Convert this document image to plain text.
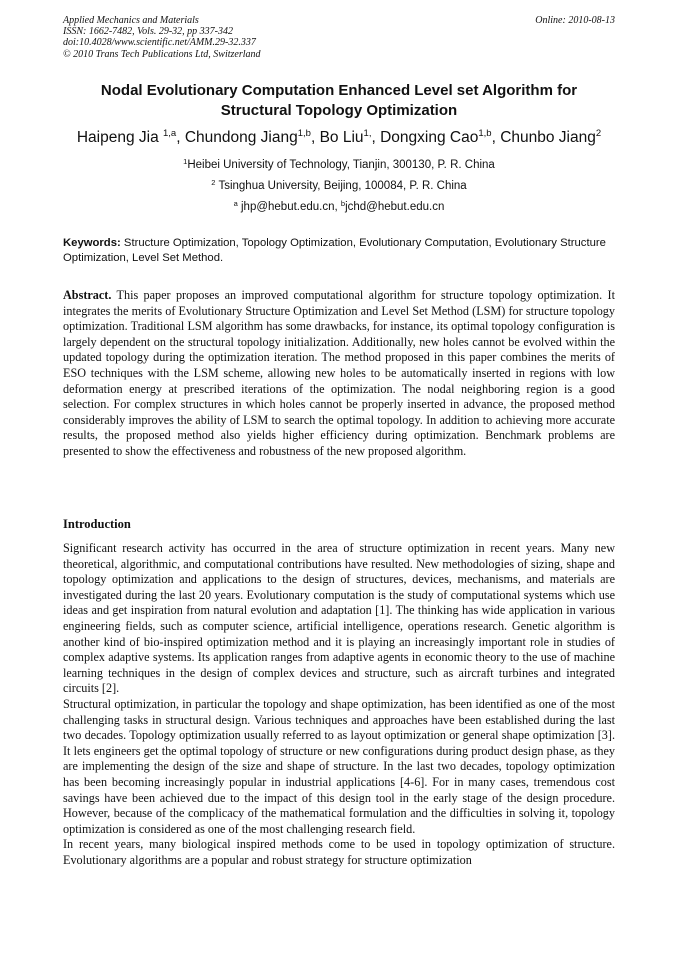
Applied Mechanics and Materials
ISSN: 1662-7482, Vols. 29-32, pp 337-342
doi:10.4028/www.scientific.net/AMM.29-32.337
© 2010 Trans Tech Publications Ltd, Switzerland
Online: 2010-08-13
Nodal Evolutionary Computation Enhanced Level set Algorithm for
Structural Topology Optimization
Haipeng Jia $^{1,a}$, Chundong Jiang$^{1,b}$, Bo Liu$^{1,}$, Dongxing Cao$^{1,b}$, Chunbo Jiang$^2$
$^1$Heibei University of Technology, Tianjin, 300130, P. R. China
$^2$ Tsinghua University, Beijing, 100084, P. R. China
$^a$ jhp@hebut.edu.cn, $^b$jchd@hebut.edu.cn
Keywords: Structure Optimization, Topology Optimization, Evolutionary Computation, Evolutionary Structure Optimization, Level Set Method.
Abstract. This paper proposes an improved computational algorithm for structure topology optimization. It integrates the merits of Evolutionary Structure Optimization and Level Set Method (LSM) for structure topology optimization. Traditional LSM algorithm has some drawbacks, for instance, its optimal topology configuration is largely dependent on the structural topology initialization. Additionally, new holes cannot be evolved within the updated topology during the optimization iteration. The method proposed in this paper combines the merits of ESO techniques with the LSM scheme, allowing new holes to be automatically inserted in regions with low deformation energy at prescribed iterations of the optimization. The nodal neighboring region is a good selection. For complex structures in which holes cannot be properly inserted in advance, the proposed method considerably improves the ability of LSM to search the optimal topology. In addition to achieving more accurate results, the proposed method also yields higher efficiency during optimization. Benchmark problems are presented to show the effectiveness and robustness of the new proposed algorithm.
Introduction

Significant research activity has occurred in the area of structure optimization in recent years. Many new theoretical, algorithmic, and computational contributions have resulted. New methodologies of sizing, shape and topology optimization and applications to the design of structures, devices, mechanisms, and materials are investigated during the last 20 years. Evolutionary computation is the study of computational systems which use ideas and get inspiration from natural evolution and adaptation [1]. The thinking has wide application in various engineering fields, such as computer science, artificial intelligence, operations research. Genetic algorithm is another kind of bio-inspired optimization method and it is playing an increasingly important role in studies of complex adaptive systems. Its application ranges from adaptive agents in economic theory to the use of machine learning techniques in the design of complex devices and structure, such as aircraft turbines and integrated circuits [2].

Structural optimization, in particular the topology and shape optimization, has been identified as one of the most challenging tasks in structural design. Various techniques and approaches have been established during the last two decades. Topology optimization usually referred to as layout optimization or general shape optimization [3]. It lets engineers get the optimal topology of structure or new configurations during product design phase, as they are implementing the design of the size and shape of structure. In the last two decades, topology optimization has been becoming increasingly popular in industrial applications [4-6]. For in many cases, tremendous cost savings have been achieved due to the impact of this design tool in the early stage of the design procedure. However, because of the complicacy of the mathematical formulation and the difficulties in solving it, topology optimization is considered as one of the most challenging research field.

In recent years, many biological inspired methods come to be used in topology optimization of structure. Evolutionary algorithms are a popular and robust strategy for structure optimization
